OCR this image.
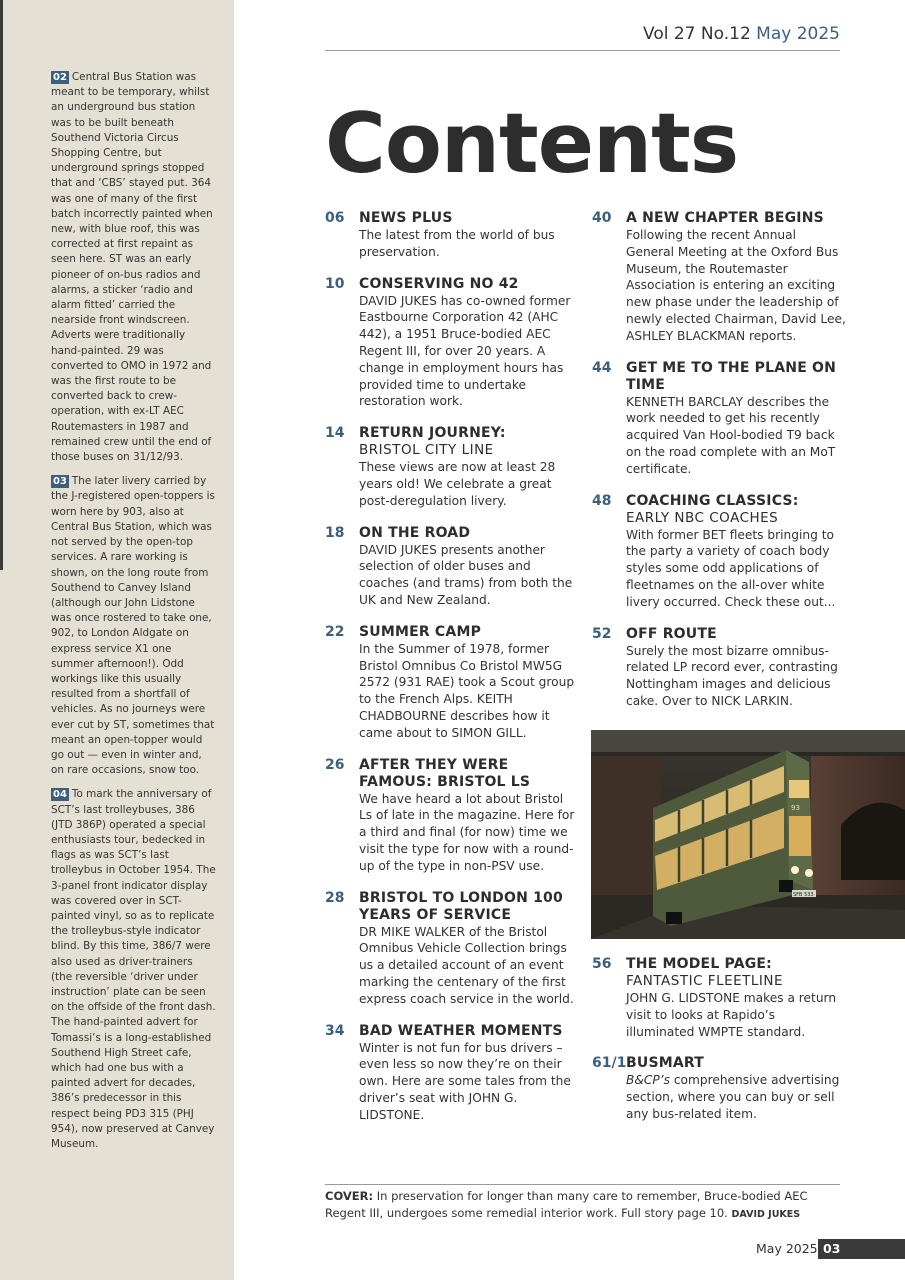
02 Central Bus Station was meant to be temporary, whilst an underground bus station was to be built beneath Southend Victoria Circus Shopping Centre, but underground springs stopped that and ‘CBS’ stayed put. 364 was one of many of the first batch incorrectly painted when new, with blue roof, this was corrected at first repaint as seen here. ST was an early pioneer of on-bus radios and alarms, a sticker ‘radio and alarm fitted’ carried the nearside front windscreen. Adverts were traditionally hand-painted. 29 was converted to OMO in 1972 and was the first route to be converted back to crew-operation, with ex-LT AEC Routemasters in 1987 and remained crew until the end of those buses on 31/12/93.

03 The later livery carried by the J-registered open-toppers is worn here by 903, also at Central Bus Station, which was not served by the open-top services. A rare working is shown, on the long route from Southend to Canvey Island (although our John Lidstone was once rostered to take one, 902, to London Aldgate on express service X1 one summer afternoon!). Odd workings like this usually resulted from a shortfall of vehicles. As no journeys were ever cut by ST, sometimes that meant an open-topper would go out — even in winter and, on rare occasions, snow too.

04 To mark the anniversary of SCT’s last trolleybuses, 386 (JTD 386P) operated a special enthusiasts tour, bedecked in flags as was SCT’s last trolleybus in October 1954. The 3-panel front indicator display was covered over in SCT-painted vinyl, so as to replicate the trolleybus-style indicator blind. By this time, 386/7 were also used as driver-trainers (the reversible ‘driver under instruction’ plate can be seen on the offside of the front dash. The hand-painted advert for Tomassi’s is a long-established Southend High Street cafe, which had one bus with a painted advert for decades, 386’s predecessor in this respect being PD3 315 (PHJ 954), now preserved at Canvey Museum.

Vol 27 No.12 May 2025
Contents
06	NEWS PLUS
The latest from the world of bus preservation.
10	CONSERVING NO 42
DAVID JUKES has co-owned former Eastbourne Corporation 42 (AHC 442), a 1951 Bruce-bodied AEC Regent III, for over 20 years. A change in employment hours has provided time to undertake restoration work.
14	RETURN JOURNEY:
BRISTOL CITY LINE
These views are now at least 28 years old! We celebrate a great post-deregulation livery.
18	ON THE ROAD
DAVID JUKES presents another selection of older buses and coaches (and trams) from both the UK and New Zealand.
22	SUMMER CAMP
In the Summer of 1978, former Bristol Omnibus Co Bristol MW5G 2572 (931 RAE) took a Scout group to the French Alps. KEITH CHADBOURNE describes how it came about to SIMON GILL.
26	AFTER THEY WERE FAMOUS: BRISTOL LS
We have heard a lot about Bristol Ls of late in the magazine. Here for a third and final (for now) time we visit the type for now with a round-up of the type in non-PSV use.
28	BRISTOL TO LONDON 100 YEARS OF SERVICE
DR MIKE WALKER of the Bristol Omnibus Vehicle Collection brings us a detailed account of an event marking the centenary of the first express coach service in the world.
34	BAD WEATHER MOMENTS
Winter is not fun for bus drivers – even less so now they’re on their own. Here are some tales from the driver’s seat with JOHN G. LIDSTONE.
40	A NEW CHAPTER BEGINS
Following the recent Annual General Meeting at the Oxford Bus Museum, the Routemaster Association is entering an exciting new phase under the leadership of newly elected Chairman, David Lee, ASHLEY BLACKMAN reports.
44	GET ME TO THE PLANE ON TIME
KENNETH BARCLAY describes the work needed to get his recently acquired Van Hool-bodied T9 back on the road complete with an MoT certificate.
48	COACHING CLASSICS:
EARLY NBC COACHES
With former BET fleets bringing to the party a variety of coach body styles some odd applications of fleetnames on the all-over white livery occurred. Check these out...
52	OFF ROUTE
Surely the most bizarre omnibus-related LP record ever, contrasting Nottingham images and delicious cake. Over to NICK LARKIN.
56	THE MODEL PAGE:
FANTASTIC FLEETLINE
JOHN G. LIDSTONE makes a return visit to looks at Rapido’s illuminated WMPTE standard.
61/1 BUSMART
B&CP’s comprehensive advertising section, where you can buy or sell any bus-related item.
93
SFB 533
COVER: In preservation for longer than many care to remember, Bruce-bodied AEC Regent III, undergoes some remedial interior work. Full story page 10. DAVID JUKES
May 2025 03
